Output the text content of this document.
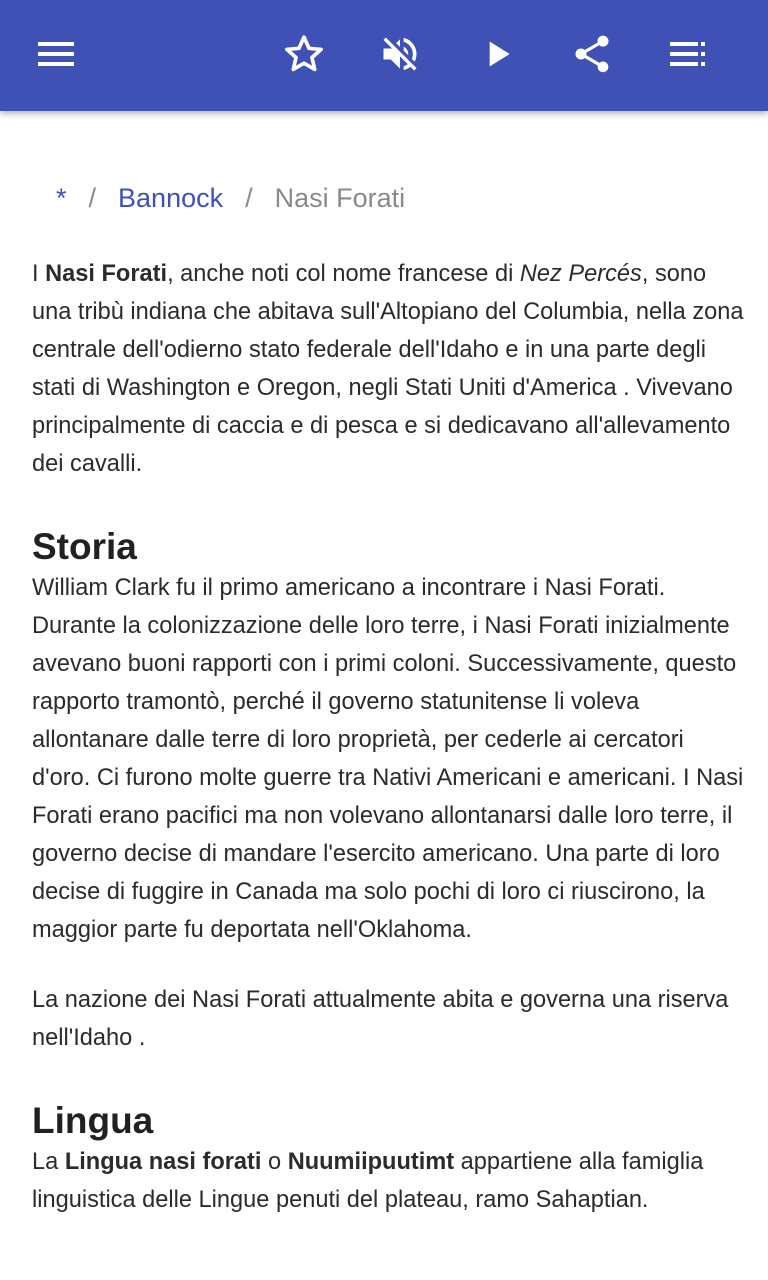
* / Bannock / Nasi Forati

I Nasi Forati, anche noti col nome francese di Nez Percés, sono una tribù indiana che abitava sull'Altopiano del Columbia, nella zona centrale dell'odierno stato federale dell'Idaho e in una parte degli stati di Washington e Oregon, negli Stati Uniti d'America . Vivevano principalmente di caccia e di pesca e si dedicavano all'allevamento dei cavalli.

Storia

William Clark fu il primo americano a incontrare i Nasi Forati. Durante la colonizzazione delle loro terre, i Nasi Forati inizialmente avevano buoni rapporti con i primi coloni. Successivamente, questo rapporto tramontò, perché il governo statunitense li voleva allontanare dalle terre di loro proprietà, per cederle ai cercatori d'oro. Ci furono molte guerre tra Nativi Americani e americani. I Nasi Forati erano pacifici ma non volevano allontanarsi dalle loro terre, il governo decise di mandare l'esercito americano. Una parte di loro decise di fuggire in Canada ma solo pochi di loro ci riuscirono, la maggior parte fu deportata nell'Oklahoma.

La nazione dei Nasi Forati attualmente abita e governa una riserva nell'Idaho .

Lingua

La Lingua nasi forati o Nuumiipuutimt appartiene alla famiglia linguistica delle Lingue penuti del plateau, ramo Sahaptian.
